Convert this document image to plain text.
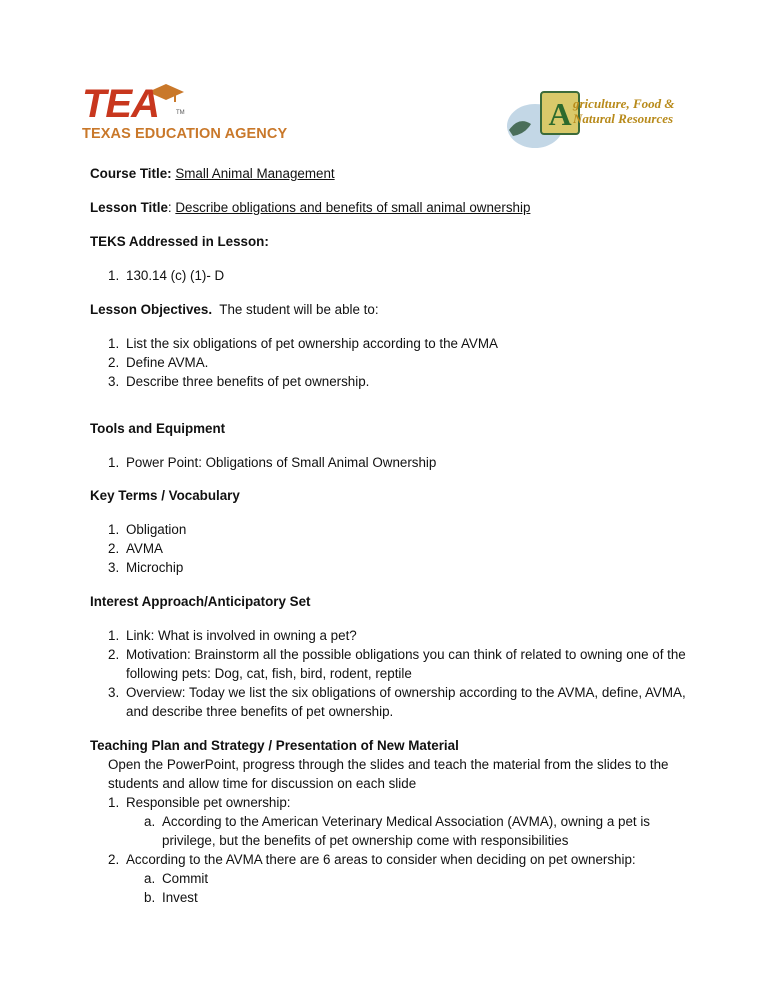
TEA	TM
TEXAS EDUCATION AGENCY
A griculture, Food &
Natural Resources
Course Title: Small Animal Management
Lesson Title: Describe obligations and benefits of small animal ownership
TEKS Addressed in Lesson:
1. 130.14 (c) (1)- D
Lesson Objectives. The student will be able to:
1. List the six obligations of pet ownership according to the AVMA
2. Define AVMA.
3. Describe three benefits of pet ownership.
Tools and Equipment
1. Power Point: Obligations of Small Animal Ownership
Key Terms / Vocabulary
1. Obligation
2. AVMA
3. Microchip
Interest Approach/Anticipatory Set
1. Link: What is involved in owning a pet?
2. Motivation: Brainstorm all the possible obligations you can think of related to owning one of the
following pets: Dog, cat, fish, bird, rodent, reptile
3. Overview: Today we list the six obligations of ownership according to the AVMA, define, AVMA,
and describe three benefits of pet ownership.
Teaching Plan and Strategy / Presentation of New Material
Open the PowerPoint, progress through the slides and teach the material from the slides to the
students and allow time for discussion on each slide
1. Responsible pet ownership:
a. According to the American Veterinary Medical Association (AVMA), owning a pet is
privilege, but the benefits of pet ownership come with responsibilities
2. According to the AVMA there are 6 areas to consider when deciding on pet ownership:
a. Commit
b. Invest
